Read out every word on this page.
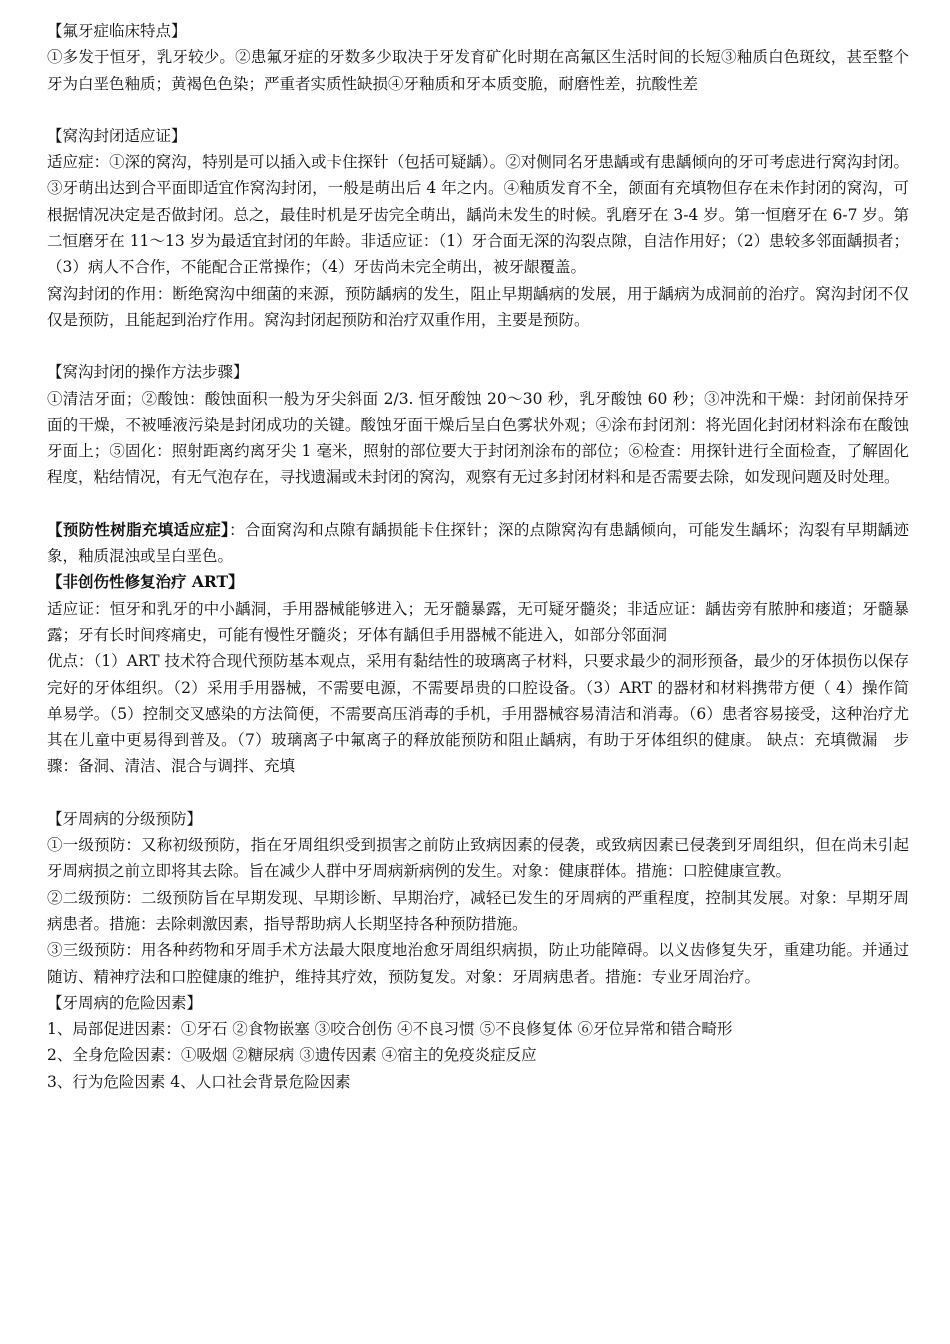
【氟牙症临床特点】

①多发于恒牙，乳牙较少。②患氟牙症的牙数多少取决于牙发育矿化时期在高氟区生活时间的长短③釉质白色斑纹，甚至整个牙为白垩色釉质；黄褐色色染；严重者实质性缺损④牙釉质和牙本质变脆，耐磨性差，抗酸性差

【窝沟封闭适应证】

适应症：①深的窝沟，特别是可以插入或卡住探针（包括可疑龋）。②对侧同名牙患龋或有患龋倾向的牙可考虑进行窝沟封闭。③牙萌出达到合平面即适宜作窝沟封闭，一般是萌出后 4 年之内。④釉质发育不全，颌面有充填物但存在未作封闭的窝沟，可根据情况决定是否做封闭。总之，最佳时机是牙齿完全萌出，龋尚未发生的时候。乳磨牙在 3-4 岁。第一恒磨牙在 6-7 岁。第二恒磨牙在 11～13 岁为最适宜封闭的年龄。非适应证：（1）牙合面无深的沟裂点隙，自洁作用好；（2）患较多邻面龋损者；（3）病人不合作，不能配合正常操作；（4）牙齿尚未完全萌出，被牙龈覆盖。

窝沟封闭的作用：断绝窝沟中细菌的来源，预防龋病的发生，阻止早期龋病的发展，用于龋病为成洞前的治疗。窝沟封闭不仅仅是预防，且能起到治疗作用。窝沟封闭起预防和治疗双重作用，主要是预防。

【窝沟封闭的操作方法步骤】

①清洁牙面；②酸蚀：酸蚀面积一般为牙尖斜面 2/3. 恒牙酸蚀 20～30 秒，乳牙酸蚀 60 秒；③冲洗和干燥：封闭前保持牙面的干燥，不被唾液污染是封闭成功的关键。酸蚀牙面干燥后呈白色雾状外观；④涂布封闭剂：将光固化封闭材料涂布在酸蚀牙面上；⑤固化：照射距离约离牙尖 1 毫米，照射的部位要大于封闭剂涂布的部位；⑥检查：用探针进行全面检查，了解固化程度，粘结情况，有无气泡存在，寻找遗漏或未封闭的窝沟，观察有无过多封闭材料和是否需要去除，如发现问题及时处理。

【预防性树脂充填适应症】：合面窝沟和点隙有龋损能卡住探针；深的点隙窝沟有患龋倾向，可能发生龋坏；沟裂有早期龋迹象，釉质混浊或呈白垩色。

【非创伤性修复治疗 ART】

适应证：恒牙和乳牙的中小龋洞，手用器械能够进入；无牙髓暴露，无可疑牙髓炎；非适应证：龋齿旁有脓肿和瘘道；牙髓暴露；牙有长时间疼痛史，可能有慢性牙髓炎；牙体有龋但手用器械不能进入，如部分邻面洞

优点：（1）ART 技术符合现代预防基本观点，采用有黏结性的玻璃离子材料，只要求最少的洞形预备，最少的牙体损伤以保存完好的牙体组织。（2）采用手用器械，不需要电源，不需要昂贵的口腔设备。（3）ART 的器材和材料携带方便（ 4）操作简单易学。（5）控制交叉感染的方法简便，不需要高压消毒的手机，手用器械容易清洁和消毒。（6）患者容易接受，这种治疗尤其在儿童中更易得到普及。（7）玻璃离子中氟离子的释放能预防和阻止龋病，有助于牙体组织的健康。 缺点：充填微漏　步骤：备洞、清洁、混合与调拌、充填

【牙周病的分级预防】

①一级预防：又称初级预防，指在牙周组织受到损害之前防止致病因素的侵袭，或致病因素已侵袭到牙周组织，但在尚未引起牙周病损之前立即将其去除。旨在减少人群中牙周病新病例的发生。对象：健康群体。措施：口腔健康宣教。

②二级预防：二级预防旨在早期发现、早期诊断、早期治疗，减轻已发生的牙周病的严重程度，控制其发展。对象：早期牙周病患者。措施：去除刺激因素，指导帮助病人长期坚持各种预防措施。

③三级预防：用各种药物和牙周手术方法最大限度地治愈牙周组织病损，防止功能障碍。以义齿修复失牙，重建功能。并通过随访、精神疗法和口腔健康的维护，维持其疗效，预防复发。对象：牙周病患者。措施：专业牙周治疗。

【牙周病的危险因素】

1、局部促进因素：①牙石 ②食物嵌塞 ③咬合创伤 ④不良习惯 ⑤不良修复体 ⑥牙位异常和错合畸形

2、全身危险因素：①吸烟 ②糖尿病 ③遗传因素 ④宿主的免疫炎症反应

3、行为危险因素 4、人口社会背景危险因素
